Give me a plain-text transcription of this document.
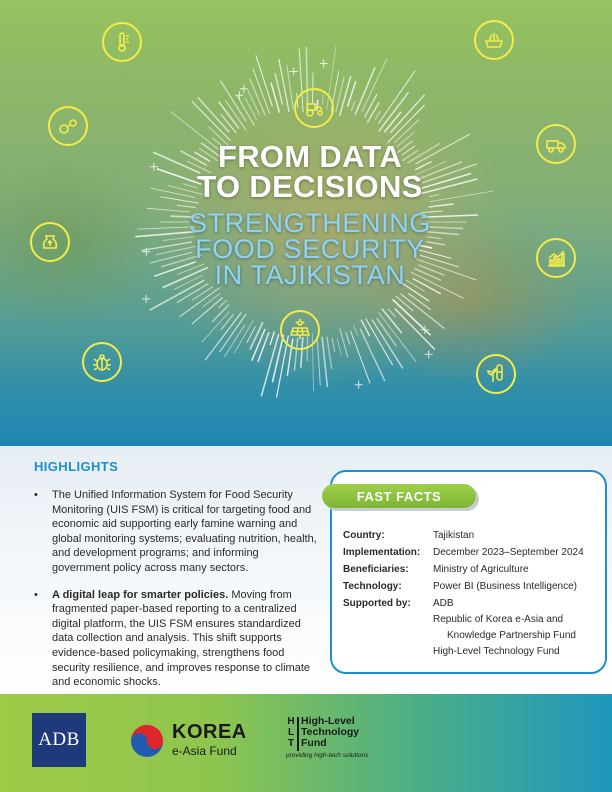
FROM DATA
TO DECISIONS
STRENGTHENING
FOOD SECURITY
IN TAJIKISTAN
HIGHLIGHTS
• The Unified Information System for Food Security Monitoring (UIS FSM) is critical for targeting food and economic aid supporting early famine warning and global monitoring systems; evaluating nutrition, health, and development programs; and informing government policy across many sectors.
• A digital leap for smarter policies. Moving from fragmented paper-based reporting to a centralized digital platform, the UIS FSM ensures standardized data collection and analysis. This shift supports evidence-based policymaking, strengthens food security resilience, and improves response to climate and economic shocks.
FAST FACTS
Country:	Tajikistan
Implementation:	December 2023–September 2024
Beneficiaries:	Ministry of Agriculture
Technology:	Power BI (Business Intelligence)
Supported by:	ADB
Republic of Korea e-Asia and
Knowledge Partnership Fund
High-Level Technology Fund
ADB	KOREA
e-Asia Fund
H
L
T
High-Level
Technology
Fund
providing high-tech solutions
